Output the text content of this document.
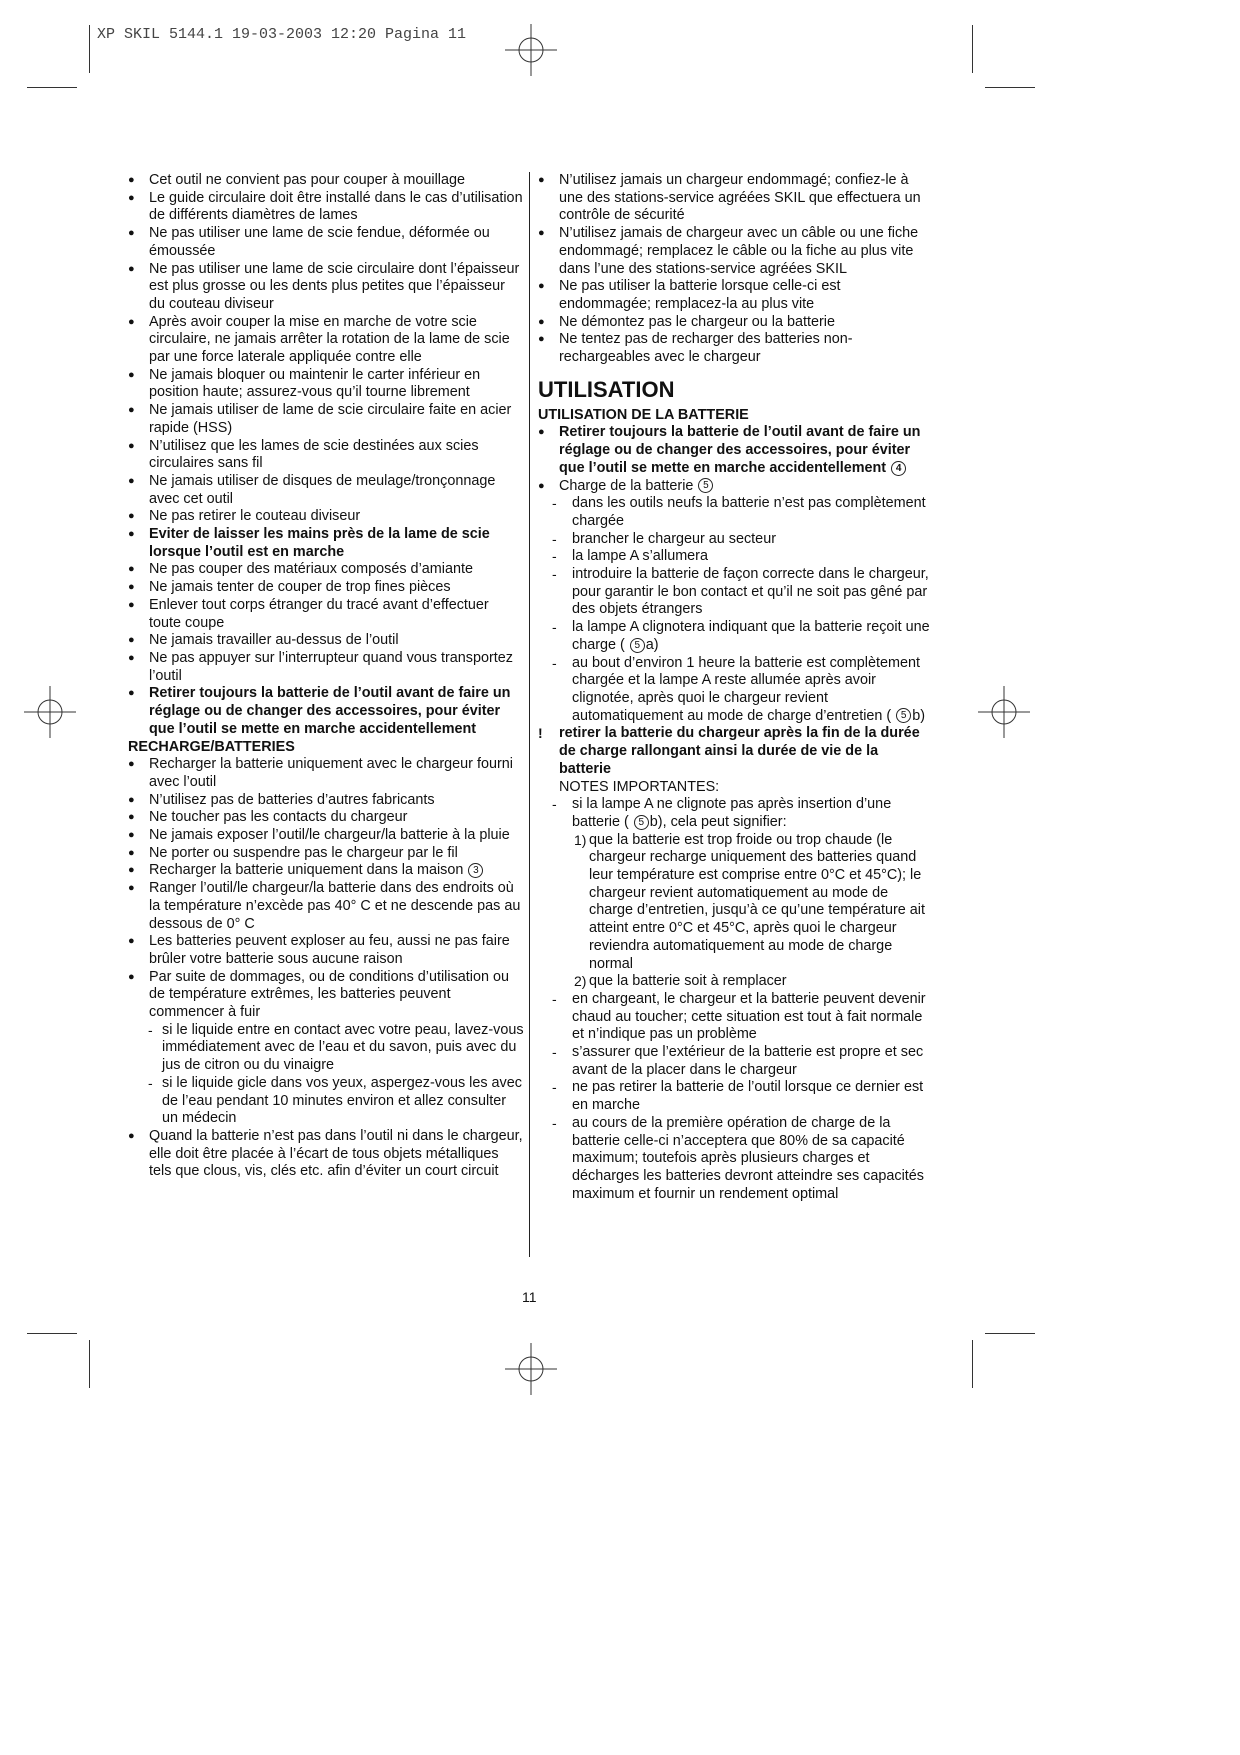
XP SKIL 5144.1 19-03-2003 12:20 Pagina 11
● Cet outil ne convient pas pour couper à mouillage
● Le guide circulaire doit être installé dans le cas d’utilisation de différents diamètres de lames
● Ne pas utiliser une lame de scie fendue, déformée ou émoussée
● Ne pas utiliser une lame de scie circulaire dont l’épaisseur est plus grosse ou les dents plus petites que l’épaisseur du couteau diviseur
● Après avoir couper la mise en marche de votre scie circulaire, ne jamais arrêter la rotation de la lame de scie par une force laterale appliquée contre elle
● Ne jamais bloquer ou maintenir le carter inférieur en position haute; assurez-vous qu’il tourne librement
● Ne jamais utiliser de lame de scie circulaire faite en acier rapide (HSS)
● N’utilisez que les lames de scie destinées aux scies circulaires sans fil
● Ne jamais utiliser de disques de meulage/tronçonnage avec cet outil
● Ne pas retirer le couteau diviseur
● Eviter de laisser les mains près de la lame de scie lorsque l’outil est en marche
● Ne pas couper des matériaux composés d’amiante
● Ne jamais tenter de couper de trop fines pièces
● Enlever tout corps étranger du tracé avant d’effectuer toute coupe
● Ne jamais travailler au-dessus de l’outil
● Ne pas appuyer sur l’interrupteur quand vous transportez l’outil
● Retirer toujours la batterie de l’outil avant de faire un réglage ou de changer des accessoires, pour éviter que l’outil se mette en marche accidentellement
RECHARGE/BATTERIES
● Recharger la batterie uniquement avec le chargeur fourni avec l’outil
● N’utilisez pas de batteries d’autres fabricants
● Ne toucher pas les contacts du chargeur
● Ne jamais exposer l’outil/le chargeur/la batterie à la pluie
● Ne porter ou suspendre pas le chargeur par le fil
● Recharger la batterie uniquement dans la maison 3
● Ranger l’outil/le chargeur/la batterie dans des endroits où la température n’excède pas 40° C et ne descende pas au dessous de 0° C
● Les batteries peuvent exploser au feu, aussi ne pas faire brûler votre batterie sous aucune raison
● Par suite de dommages, ou de conditions d’utilisation ou de température extrêmes, les batteries peuvent commencer à fuir
- si le liquide entre en contact avec votre peau, lavez-vous immédiatement avec de l’eau et du savon, puis avec du jus de citron ou du vinaigre
- si le liquide gicle dans vos yeux, aspergez-vous les avec de l’eau pendant 10 minutes environ et allez consulter un médecin
● Quand la batterie n’est pas dans l’outil ni dans le chargeur, elle doit être placée à l’écart de tous objets métalliques tels que clous, vis, clés etc. afin d’éviter un court circuit
● N’utilisez jamais un chargeur endommagé; confiez-le à une des stations-service agréées SKIL que effectuera un contrôle de sécurité
● N’utilisez jamais de chargeur avec un câble ou une fiche endommagé; remplacez le câble ou la fiche au plus vite dans l’une des stations-service agréées SKIL
● Ne pas utiliser la batterie lorsque celle-ci est endommagée; remplacez-la au plus vite
● Ne démontez pas le chargeur ou la batterie
● Ne tentez pas de recharger des batteries non-rechargeables avec le chargeur
UTILISATION
UTILISATION DE LA BATTERIE
● Retirer toujours la batterie de l’outil avant de faire un réglage ou de changer des accessoires, pour éviter que l’outil se mette en marche accidentellement 4
● Charge de la batterie 5
-	dans les outils neufs la batterie n’est pas complètement chargée
-	brancher le chargeur au secteur
-	la lampe A s’allumera
-	introduire la batterie de façon correcte dans le chargeur, pour garantir le bon contact et qu’il ne soit pas gêné par des objets étrangers
-	la lampe A clignotera indiquant que la batterie reçoit une charge ( 5 a)
-	au bout d’environ 1 heure la batterie est complètement chargée et la lampe A reste allumée après avoir clignotée, après quoi le chargeur revient automatiquement au mode de charge d’entretien ( 5 b)
!	retirer la batterie du chargeur après la fin de la durée de charge rallongant ainsi la durée de vie de la batterie
NOTES IMPORTANTES:
-	si la lampe A ne clignote pas après insertion d’une batterie ( 5 b), cela peut signifier:
1) que la batterie est trop froide ou trop chaude (le chargeur recharge uniquement des batteries quand leur température est comprise entre 0°C et 45°C); le chargeur revient automatiquement au mode de charge d’entretien, jusqu’à ce qu’une température ait atteint entre 0°C et 45°C, après quoi le chargeur reviendra automatiquement au mode de charge normal
2) que la batterie soit à remplacer
-	en chargeant, le chargeur et la batterie peuvent devenir chaud au toucher; cette situation est tout à fait normale et n’indique pas un problème
-	s’assurer que l’extérieur de la batterie est propre et sec avant de la placer dans le chargeur
-	ne pas retirer la batterie de l’outil lorsque ce dernier est en marche
-	au cours de la première opération de charge de la batterie celle-ci n’acceptera que 80% de sa capacité maximum; toutefois après plusieurs charges et décharges les batteries devront atteindre ses capacités maximum et fournir un rendement optimal
11
